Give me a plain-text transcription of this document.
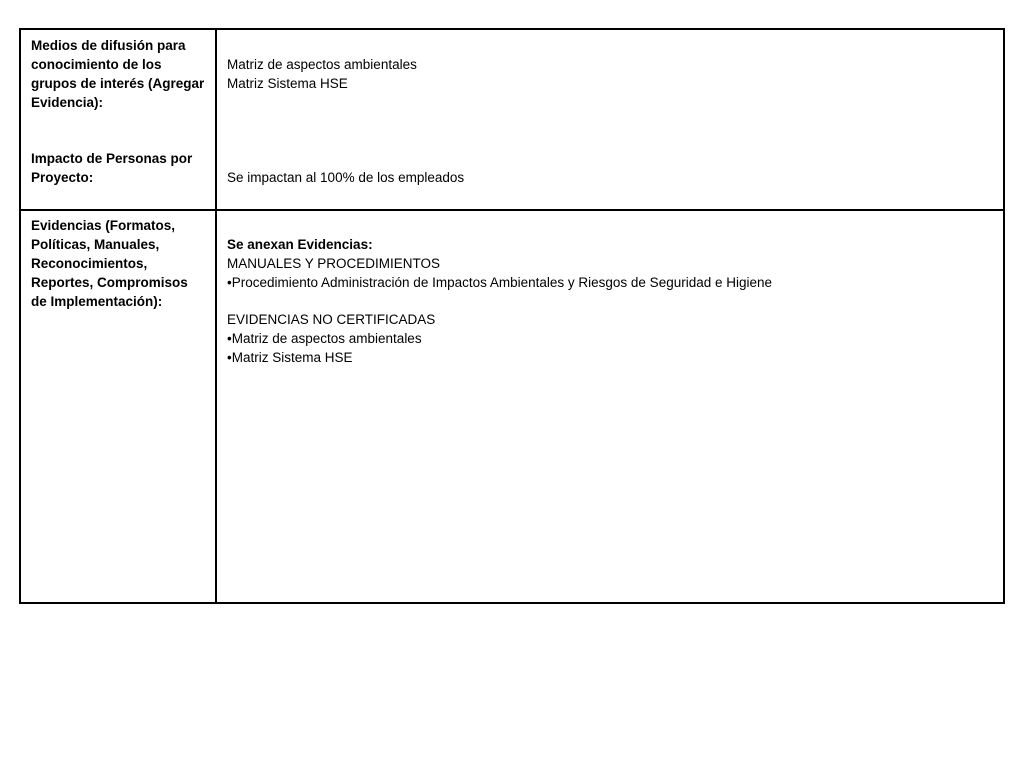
Medios de difusión para
conocimiento de los
grupos de interés (Agregar
Evidencia):
Impacto de Personas por
Proyecto:
Matriz de aspectos ambientales
Matriz Sistema HSE
Se impactan al 100% de los empleados
Evidencias (Formatos,
Políticas, Manuales,
Reconocimientos,
Reportes, Compromisos
de Implementación):
Se anexan Evidencias:
MANUALES Y PROCEDIMIENTOS
•Procedimiento Administración de Impactos Ambientales y Riesgos de Seguridad e Higiene
EVIDENCIAS NO CERTIFICADAS
•Matriz de aspectos ambientales
•Matriz Sistema HSE
